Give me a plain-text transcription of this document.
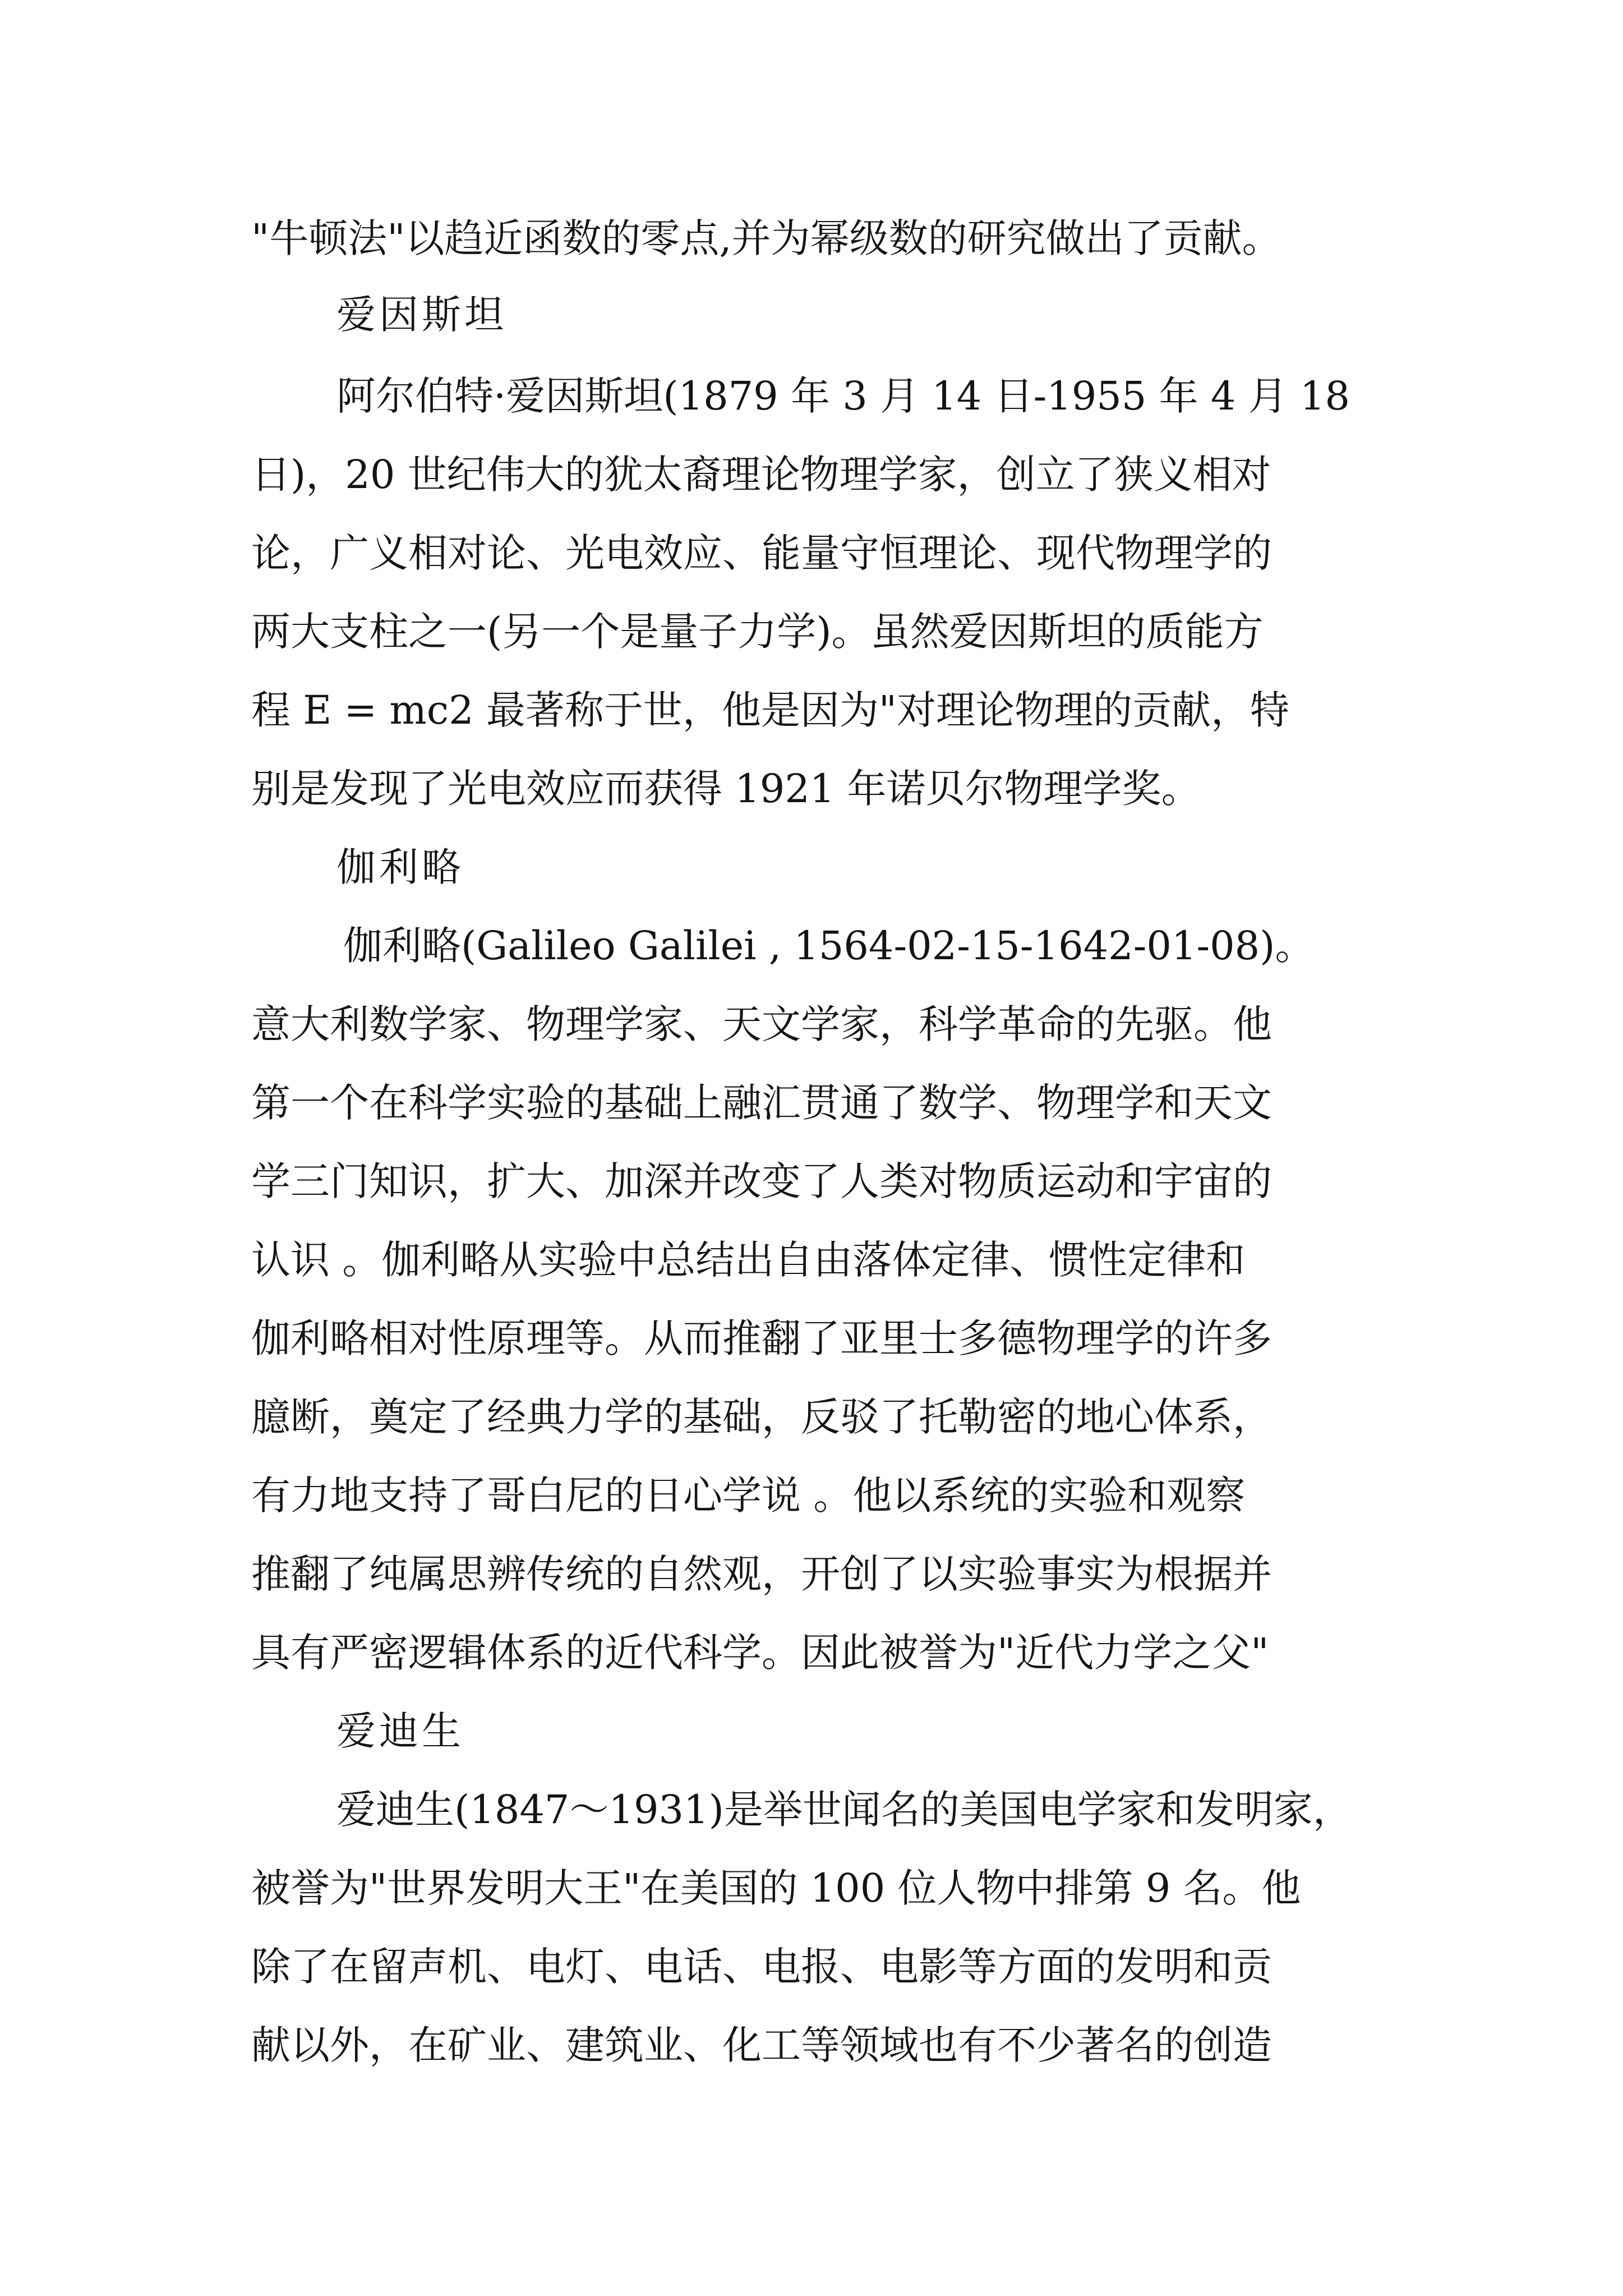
"牛顿法"以趋近函数的零点,并为幂级数的研究做出了贡献。
爱因斯坦
阿尔伯特·爱因斯坦(1879 年 3 月 14 日-1955 年 4 月 18
日)，20 世纪伟大的犹太裔理论物理学家，创立了狭义相对
论，广义相对论、光电效应、能量守恒理论、现代物理学的
两大支柱之一(另一个是量子力学)。虽然爱因斯坦的质能方
程 E = mc2 最著称于世，他是因为"对理论物理的贡献，特
别是发现了光电效应而获得 1921 年诺贝尔物理学奖。
伽利略
伽利略(Galileo Galilei , 1564-02-15-1642-01-08)。
意大利数学家、物理学家、天文学家，科学革命的先驱。他
第一个在科学实验的基础上融汇贯通了数学、物理学和天文
学三门知识，扩大、加深并改变了人类对物质运动和宇宙的
认识 。伽利略从实验中总结出自由落体定律、惯性定律和
伽利略相对性原理等。从而推翻了亚里士多德物理学的许多
臆断，奠定了经典力学的基础，反驳了托勒密的地心体系，
有力地支持了哥白尼的日心学说 。他以系统的实验和观察
推翻了纯属思辨传统的自然观，开创了以实验事实为根据并
具有严密逻辑体系的近代科学。因此被誉为"近代力学之父"
爱迪生
爱迪生(1847～1931)是举世闻名的美国电学家和发明家，
被誉为"世界发明大王"在美国的 100 位人物中排第 9 名。他
除了在留声机、电灯、电话、电报、电影等方面的发明和贡
献以外，在矿业、建筑业、化工等领域也有不少著名的创造
